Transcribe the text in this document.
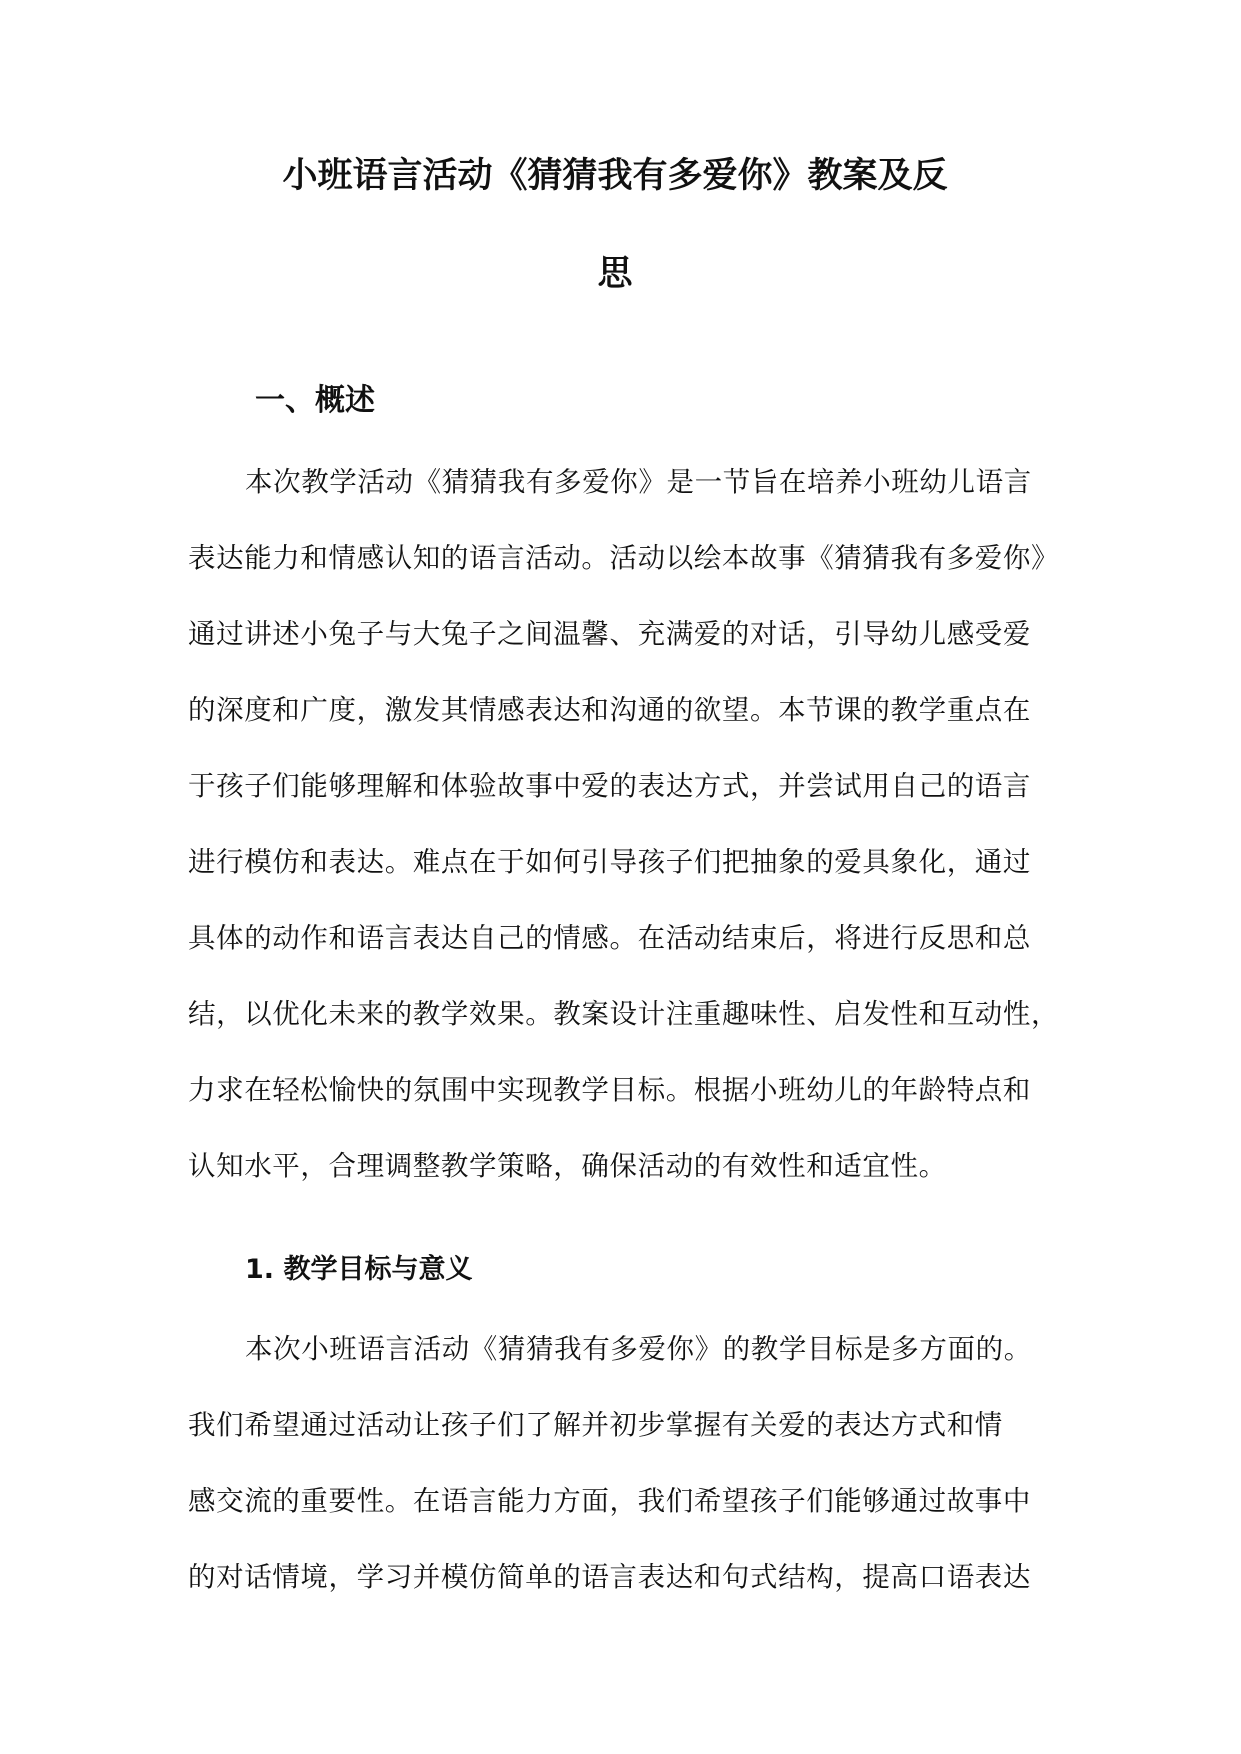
小班语言活动《猜猜我有多爱你》教案及反
思
一、概述
本次教学活动《猜猜我有多爱你》是一节旨在培养小班幼儿语言
表达能力和情感认知的语言活动。活动以绘本故事《猜猜我有多爱你》
通过讲述小兔子与大兔子之间温馨、充满爱的对话，引导幼儿感受爱
的深度和广度，激发其情感表达和沟通的欲望。本节课的教学重点在
于孩子们能够理解和体验故事中爱的表达方式，并尝试用自己的语言
进行模仿和表达。难点在于如何引导孩子们把抽象的爱具象化，通过
具体的动作和语言表达自己的情感。在活动结束后，将进行反思和总
结，以优化未来的教学效果。教案设计注重趣味性、启发性和互动性，
力求在轻松愉快的氛围中实现教学目标。根据小班幼儿的年龄特点和
认知水平，合理调整教学策略，确保活动的有效性和适宜性。
1. 教学目标与意义
本次小班语言活动《猜猜我有多爱你》的教学目标是多方面的。
我们希望通过活动让孩子们了解并初步掌握有关爱的表达方式和情
感交流的重要性。在语言能力方面，我们希望孩子们能够通过故事中
的对话情境，学习并模仿简单的语言表达和句式结构，提高口语表达
